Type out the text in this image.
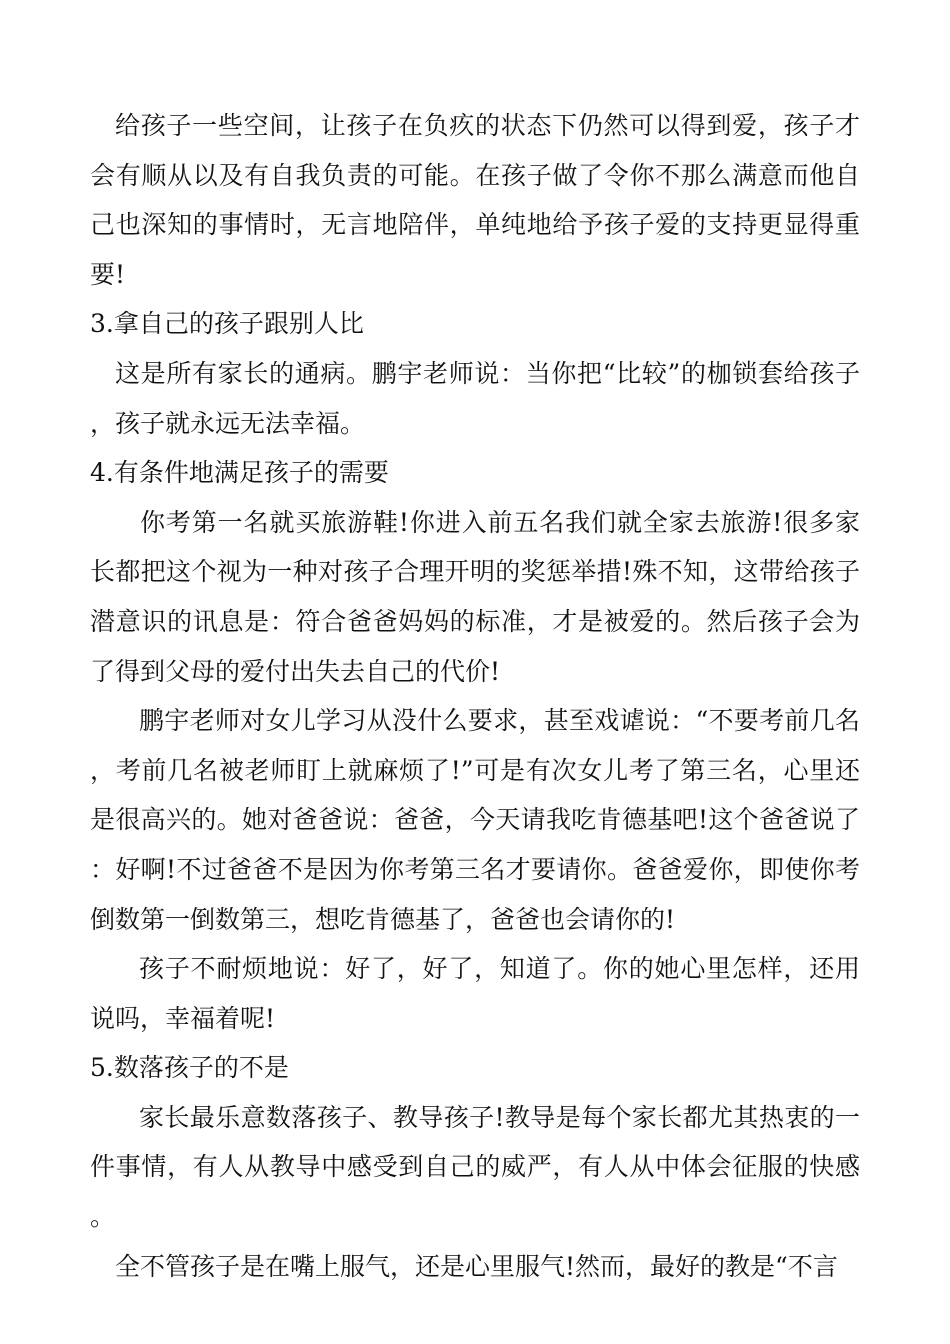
给孩子一些空间，让孩子在负疚的状态下仍然可以得到爱，孩子才会有顺从以及有自我负责的可能。在孩子做了令你不那么满意而他自己也深知的事情时，无言地陪伴，单纯地给予孩子爱的支持更显得重要!

3.拿自己的孩子跟别人比

这是所有家长的通病。鹏宇老师说：当你把“比较”的枷锁套给孩子，孩子就永远无法幸福。

4.有条件地满足孩子的需要

你考第一名就买旅游鞋!你进入前五名我们就全家去旅游!很多家长都把这个视为一种对孩子合理开明的奖惩举措!殊不知，这带给孩子潜意识的讯息是：符合爸爸妈妈的标准，才是被爱的。然后孩子会为了得到父母的爱付出失去自己的代价!

鹏宇老师对女儿学习从没什么要求，甚至戏谑说：“不要考前几名，考前几名被老师盯上就麻烦了!”可是有次女儿考了第三名，心里还是很高兴的。她对爸爸说：爸爸，今天请我吃肯德基吧!这个爸爸说了：好啊!不过爸爸不是因为你考第三名才要请你。爸爸爱你，即使你考倒数第一倒数第三，想吃肯德基了，爸爸也会请你的!

孩子不耐烦地说：好了，好了，知道了。你的她心里怎样，还用说吗，幸福着呢!

5.数落孩子的不是

家长最乐意数落孩子、教导孩子!教导是每个家长都尤其热衷的一件事情，有人从教导中感受到自己的威严，有人从中体会征服的快感。

全不管孩子是在嘴上服气，还是心里服气!然而，最好的教是“不言
